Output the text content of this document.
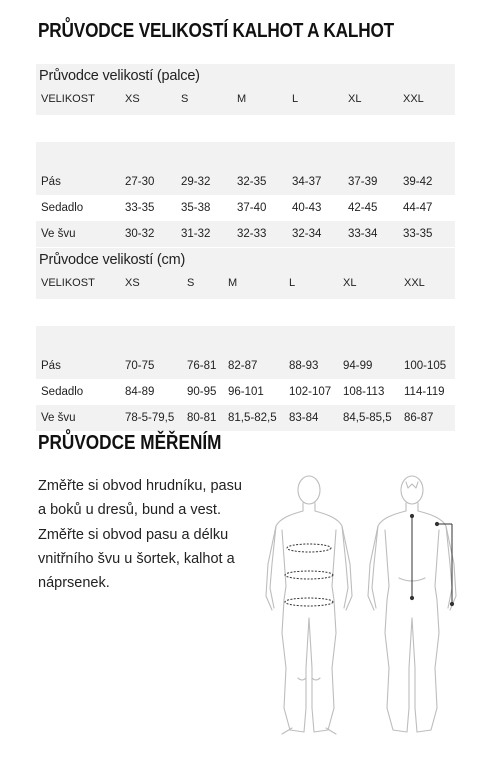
PRŮVODCE VELIKOSTÍ KALHOT A KALHOT
Průvodce velikostí (palce)
VELIKOST	XS	S	M	L	XL	XXL
Pás	27-30 29-32 32-35 34-37 37-39 39-42
Sedadlo	33-35 35-38 37-40 40-43 42-45 44-47
Ve švu	30-32 31-32 32-33 32-34 33-34 33-35
Průvodce velikostí (cm)
VELIKOST	XS	S	M	L	XL	XXL
Pás	70-75	76-81 82-87	88-93 94-99	100-105
Sedadlo	84-89	90-95 96-101 102-107 108-113 114-119
Ve švu	78-5-79,5 80-81 81,5-82,5 83-84 84,5-85,5 86-87
PRŮVODCE MĚŘENÍM

Změřte si obvod hrudníku, pasu a boků u dresů, bund a vest. Změřte si obvod pasu a délku vnitřního švu u šortek, kalhot a náprsenek.
